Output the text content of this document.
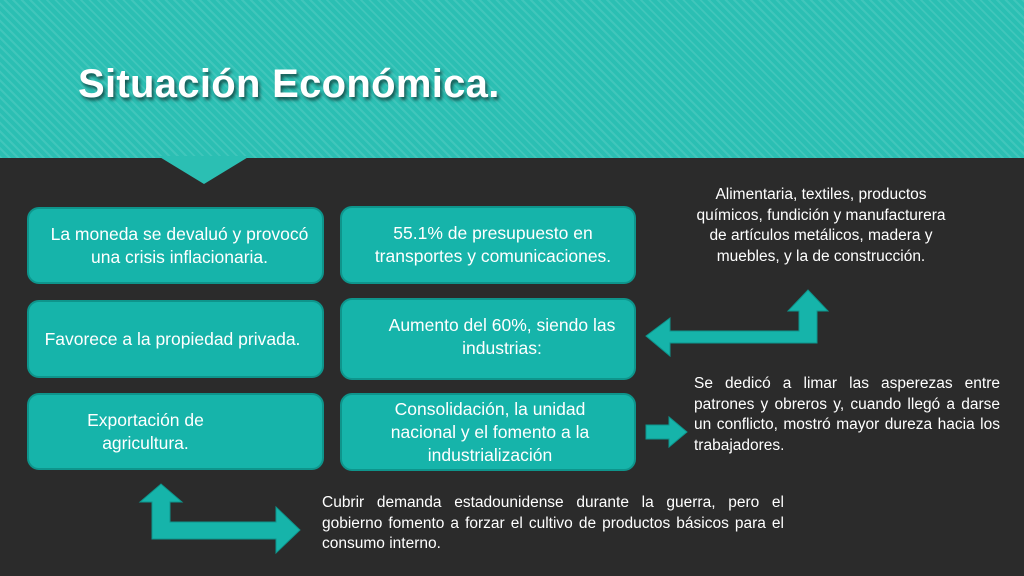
Situación Económica.
La moneda se devaluó y provocó una crisis inflacionaria.
55.1% de presupuesto en transportes y comunicaciones.
Favorece a la propiedad privada.
Aumento del 60%, siendo las industrias:
Exportación de agricultura.
Consolidación, la unidad nacional y el fomento a la industrialización
Alimentaria, textiles, productos químicos, fundición y manufacturera de artículos metálicos, madera y muebles, y la de construcción.
Se dedicó a limar las asperezas entre patrones y obreros y, cuando llegó a darse un conflicto, mostró mayor dureza hacia los trabajadores.
Cubrir demanda estadounidense durante la guerra, pero el gobierno fomento a forzar el cultivo de productos básicos para el consumo interno.
